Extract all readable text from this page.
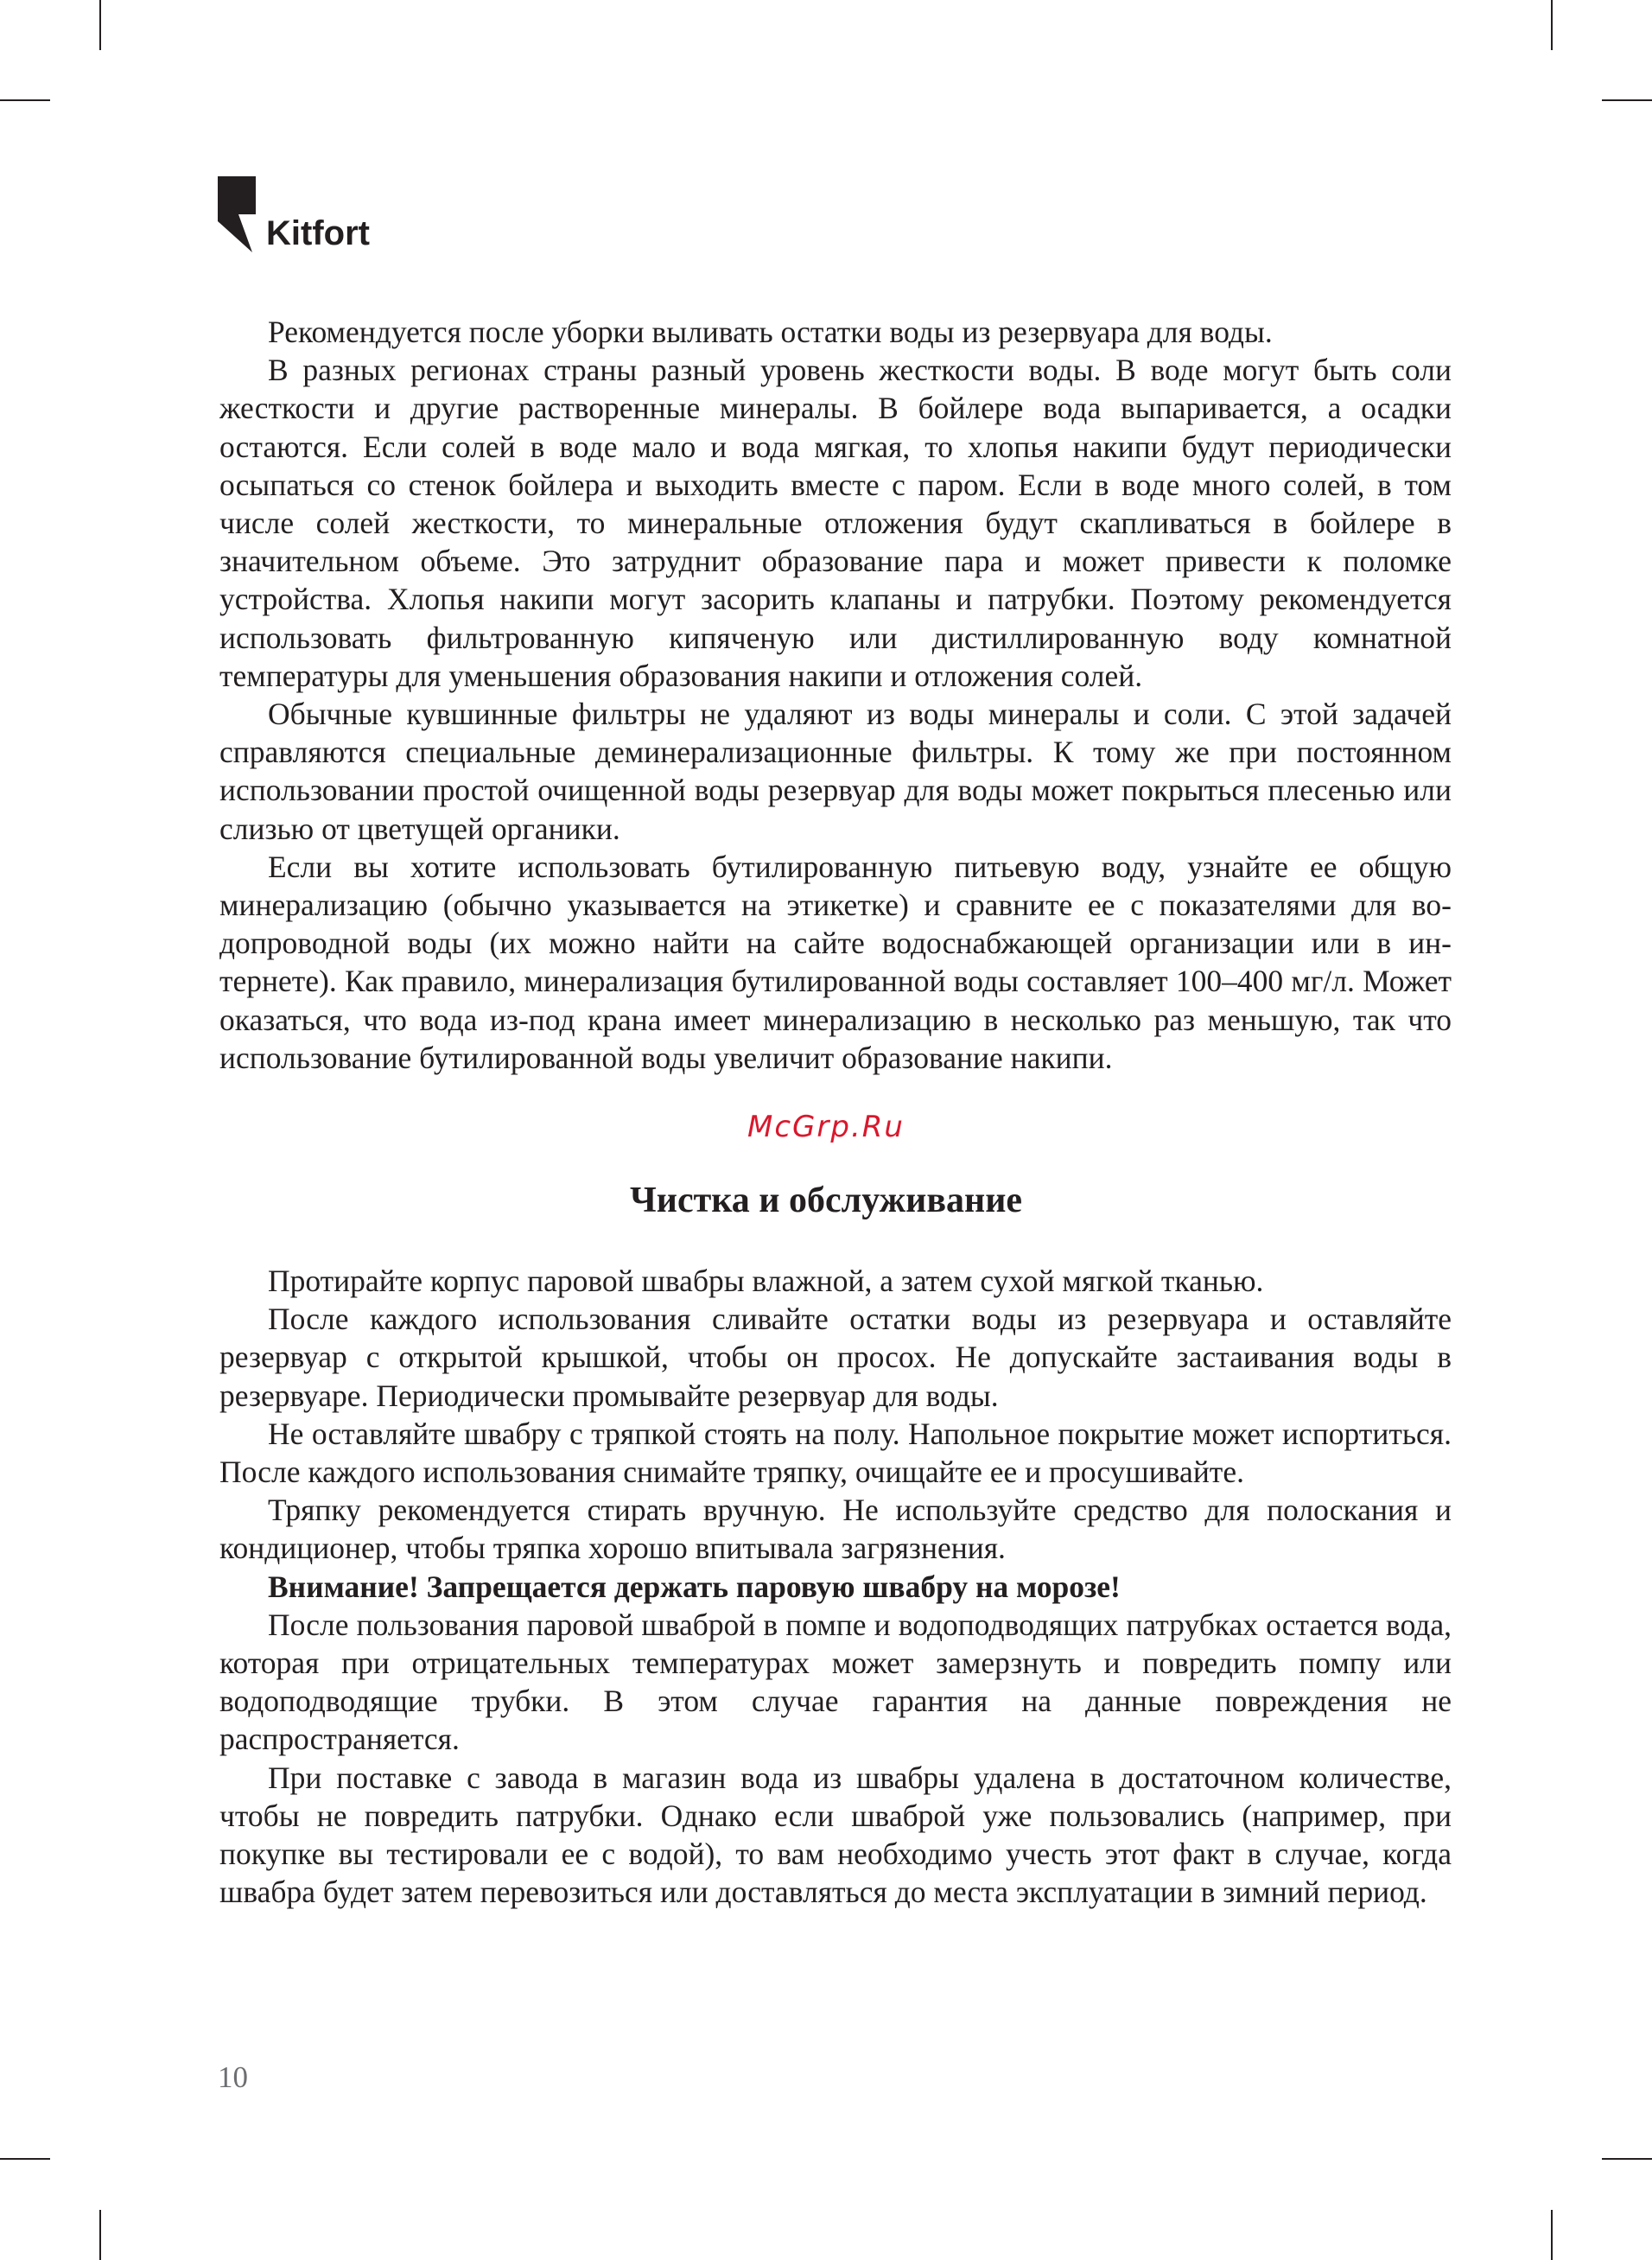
Kitfort

Рекомендуется после уборки выливать остатки воды из резервуара для воды.

В разных регионах страны разный уровень жесткости воды. В воде могут быть соли жесткости и другие растворенные минералы. В бойлере вода выпаривается, а осадки остаются. Если солей в воде мало и вода мягкая, то хлопья накипи будут периодически осыпаться со стенок бойлера и выходить вместе с паром. Если в воде много солей, в том числе солей жесткости, то минеральные отложения будут скапливаться в бойлере в значительном объеме. Это затруднит образование пара и может привести к поломке устройства. Хлопья накипи могут засорить клапаны и патрубки. Поэтому рекомендуется использовать фильтрованную кипяченую или дистиллированную воду комнатной температуры для уменьшения образования накипи и отложения солей.

Обычные кувшинные фильтры не удаляют из воды минералы и соли. С этой задачей справляются специальные деминерализационные фильтры. К тому же при постоянном использовании простой очищенной воды резервуар для воды может покрыться плесенью или слизью от цветущей органики.

Если вы хотите использовать бутилированную питьевую воду, узнайте ее общую минерализацию (обычно указывается на этикетке) и сравните ее с показателями для водопроводной воды (их можно найти на сайте водоснабжающей организации или в интернете). Как правило, минерализация бутилированной воды составляет 100–400 мг/л. Может оказаться, что вода из-под крана имеет минерализацию в несколько раз меньшую, так что использование бутилированной воды увеличит образование накипи.

McGrp.Ru
Чистка и обслуживание

Протирайте корпус паровой швабры влажной, а затем сухой мягкой тканью.

После каждого использования сливайте остатки воды из резервуара и оставляйте резервуар с открытой крышкой, чтобы он просох. Не допускайте застаивания воды в резервуаре. Периодически промывайте резервуар для воды.

Не оставляйте швабру с тряпкой стоять на полу. Напольное покрытие может испортиться. После каждого использования снимайте тряпку, очищайте ее и просушивайте.

Тряпку рекомендуется стирать вручную. Не используйте средство для полоскания и кондиционер, чтобы тряпка хорошо впитывала загрязнения.

Внимание! Запрещается держать паровую швабру на морозе!

После пользования паровой шваброй в помпе и водоподводящих патрубках остается вода, которая при отрицательных температурах может замерзнуть и повредить помпу или водоподводящие трубки. В этом случае гарантия на данные повреждения не распространяется.

При поставке с завода в магазин вода из швабры удалена в достаточном количестве, чтобы не повредить патрубки. Однако если шваброй уже пользовались (например, при покупке вы тестировали ее с водой), то вам необходимо учесть этот факт в случае, когда швабра будет затем перевозиться или доставляться до места эксплуатации в зимний период.

10
